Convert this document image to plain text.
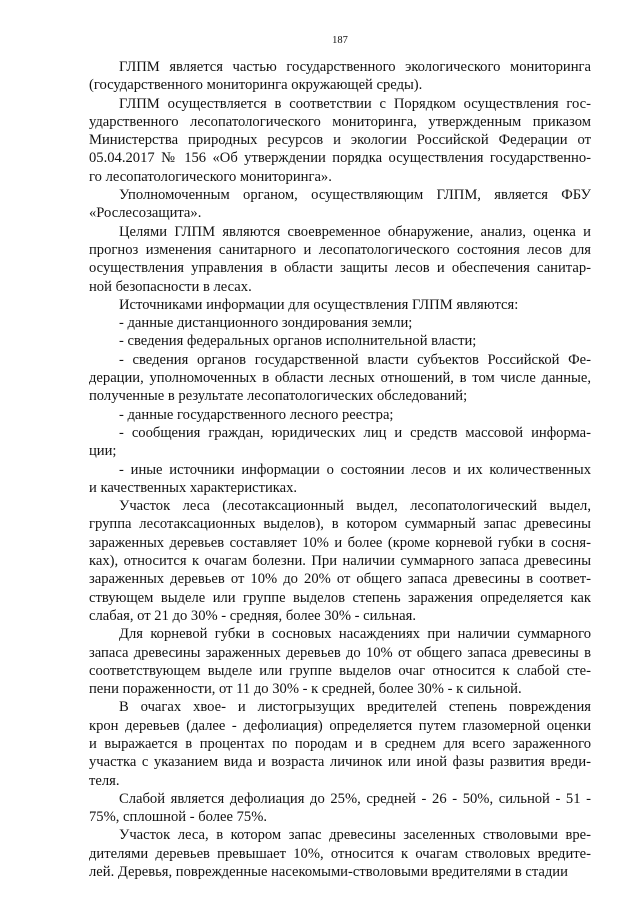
187

ГЛПМ является частью государственного экологического мониторинга
(государственного мониторинга окружающей среды).

ГЛПМ осуществляется в соответствии с Порядком осуществления гос-
ударственного лесопатологического мониторинга, утвержденным приказом
Министерства природных ресурсов и экологии Российской Федерации от
05.04.2017 № 156 «Об утверждении порядка осуществления государственно-
го лесопатологического мониторинга».

Уполномоченным органом, осуществляющим ГЛПМ, является ФБУ
«Рослесозащита».

Целями ГЛПМ являются своевременное обнаружение, анализ, оценка и
прогноз изменения санитарного и лесопатологического состояния лесов для
осуществления управления в области защиты лесов и обеспечения санитар-
ной безопасности в лесах.

Источниками информации для осуществления ГЛПМ являются:

- данные дистанционного зондирования земли;

- сведения федеральных органов исполнительной власти;

- сведения органов государственной власти субъектов Российской Фе-
дерации, уполномоченных в области лесных отношений, в том числе данные,
полученные в результате лесопатологических обследований;

- данные государственного лесного реестра;

- сообщения граждан, юридических лиц и средств массовой информа-
ции;

- иные источники информации о состоянии лесов и их количественных
и качественных характеристиках.

Участок леса (лесотаксационный выдел, лесопатологический выдел,
группа лесотаксационных выделов), в котором суммарный запас древесины
зараженных деревьев составляет 10% и более (кроме корневой губки в сосня-
ках), относится к очагам болезни. При наличии суммарного запаса древесины
зараженных деревьев от 10% до 20% от общего запаса древесины в соответ-
ствующем выделе или группе выделов степень заражения определяется как
слабая, от 21 до 30% - средняя, более 30% - сильная.

Для корневой губки в сосновых насаждениях при наличии суммарного
запаса древесины зараженных деревьев до 10% от общего запаса древесины в
соответствующем выделе или группе выделов очаг относится к слабой сте-
пени пораженности, от 11 до 30% - к средней, более 30% - к сильной.

В очагах хвое- и листогрызущих вредителей степень повреждения
крон деревьев (далее - дефолиация) определяется путем глазомерной оценки
и выражается в процентах по породам и в среднем для всего зараженного
участка с указанием вида и возраста личинок или иной фазы развития вреди-
теля.

Слабой является дефолиация до 25%, средней - 26 - 50%, сильной - 51 -
75%, сплошной - более 75%.

Участок леса, в котором запас древесины заселенных стволовыми вре-
дителями деревьев превышает 10%, относится к очагам стволовых вредите-
лей. Деревья, поврежденные насекомыми-стволовыми вредителями в стадии
